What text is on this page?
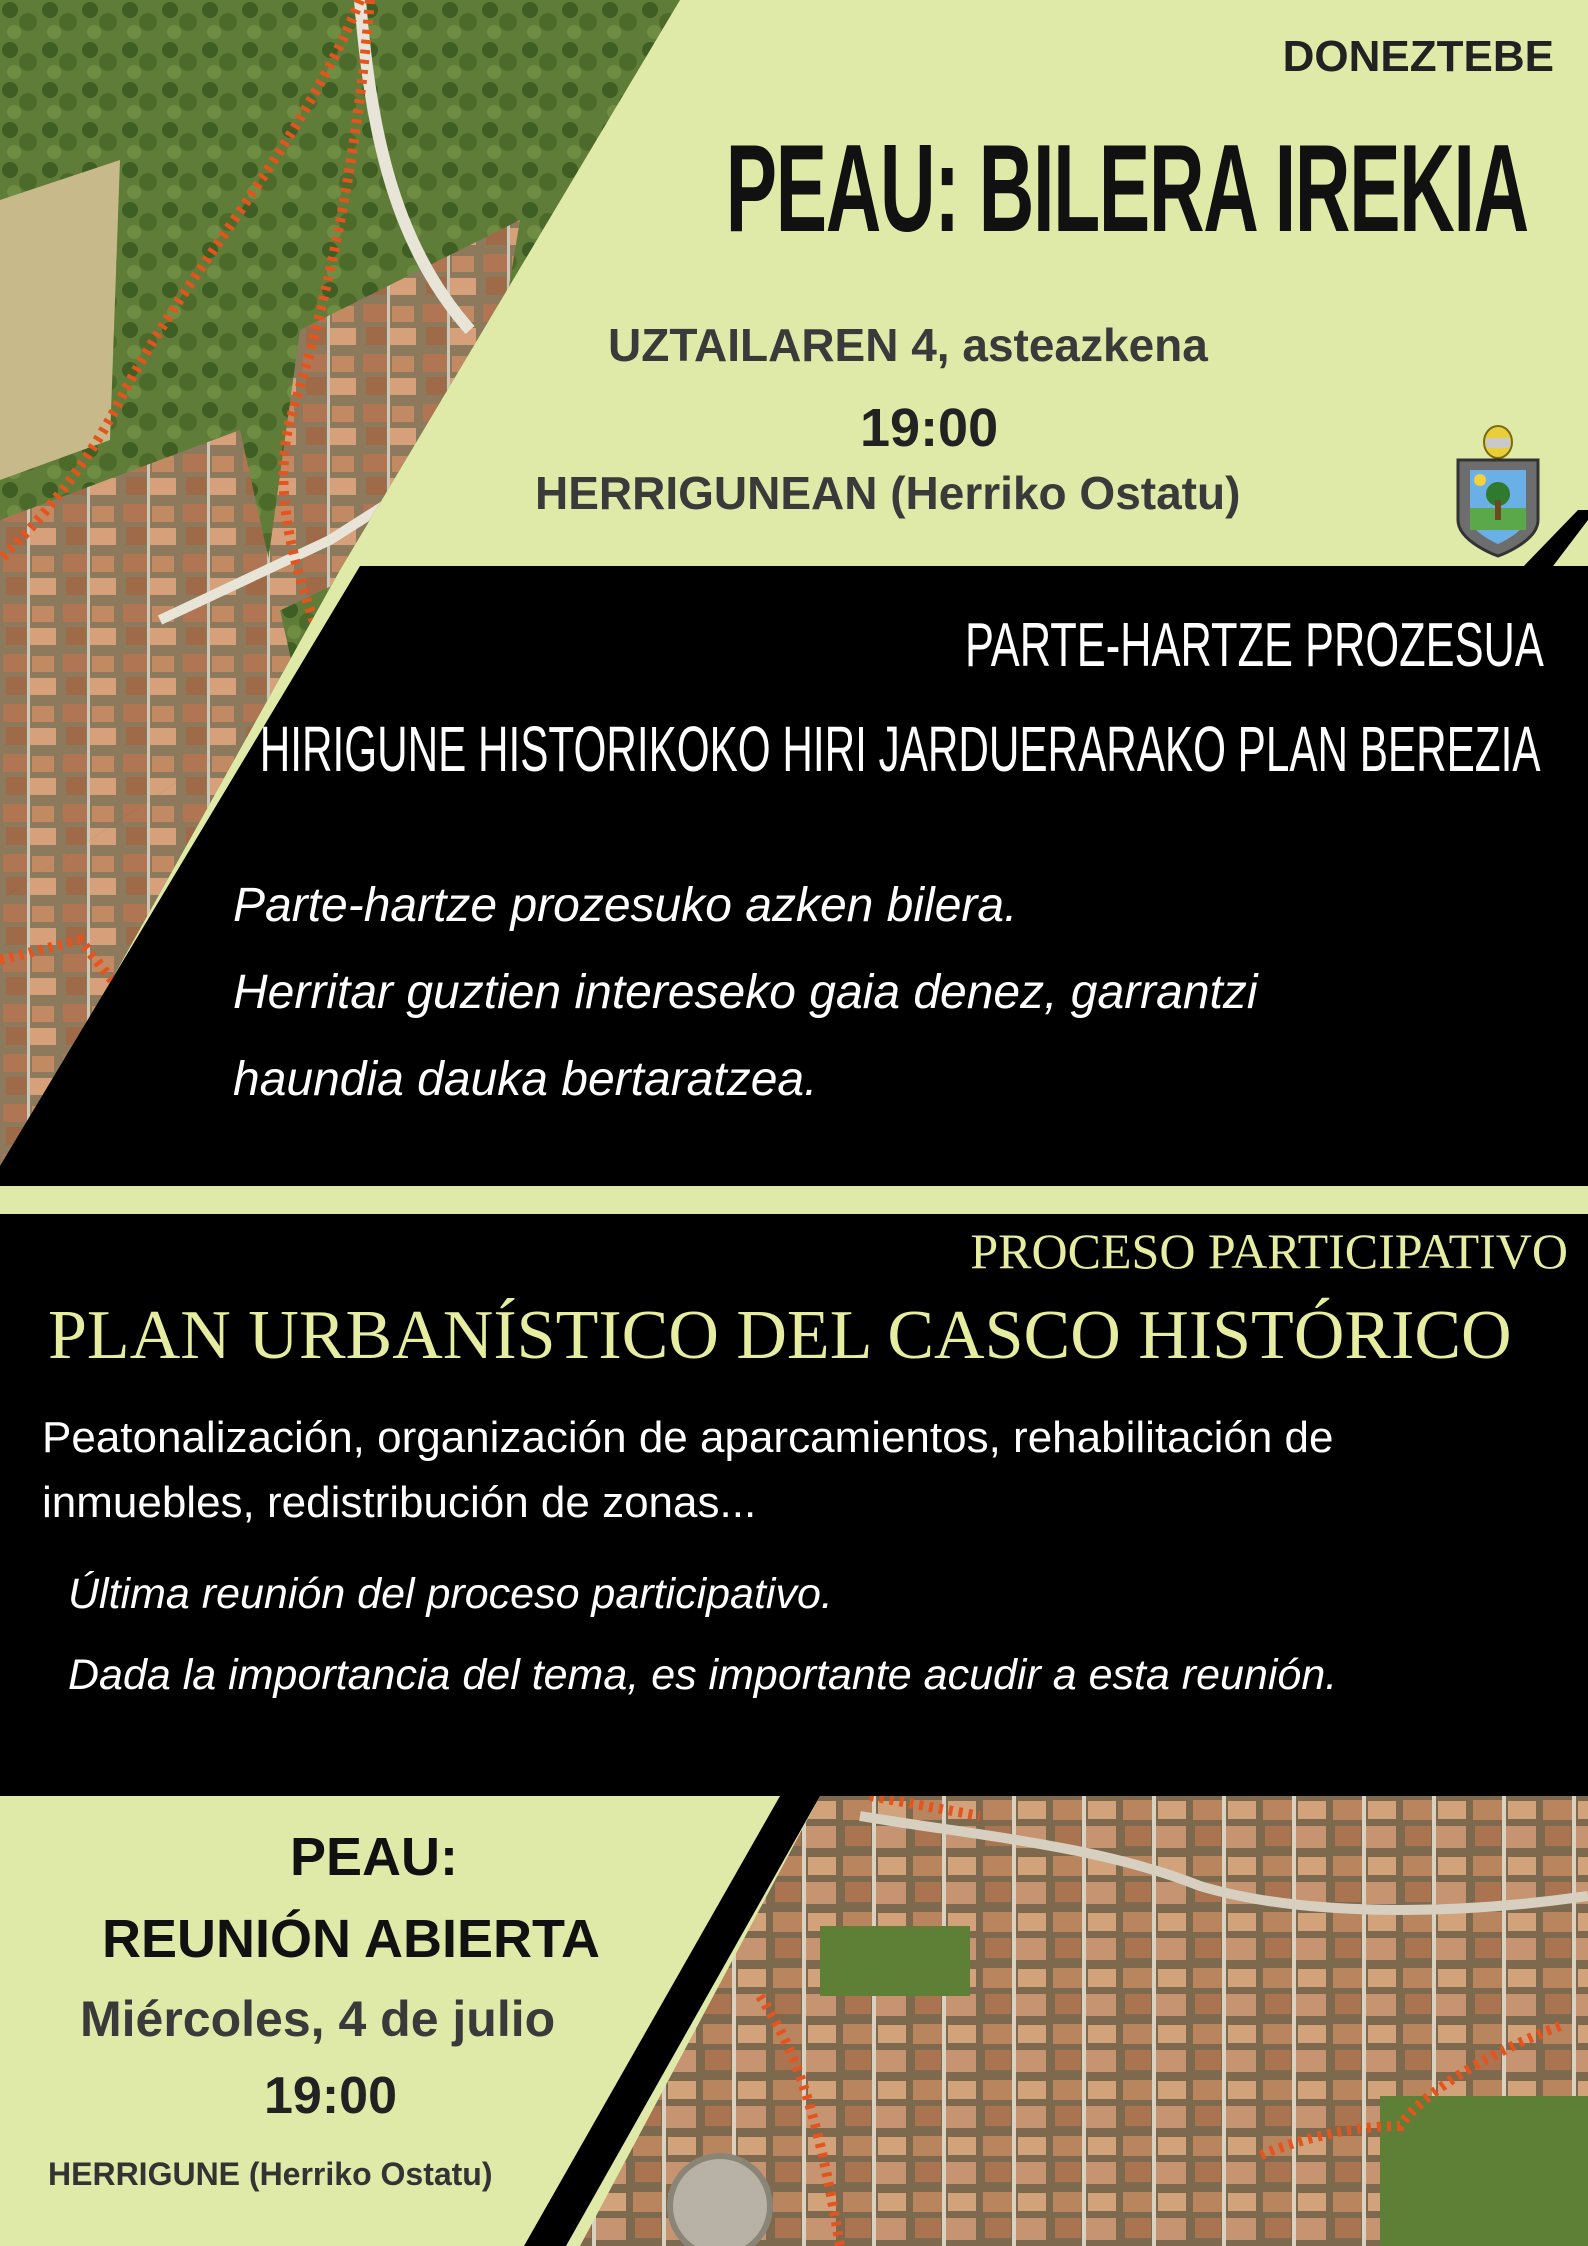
DONEZTEBE
PEAU: BILERA IREKIA
UZTAILAREN 4, asteazkena
19:00
HERRIGUNEAN (Herriko Ostatu)
PARTE-HARTZE PROZESUA
HIRIGUNE HISTORIKOKO HIRI JARDUERARAKO PLAN BEREZIA
Parte-hartze prozesuko azken bilera.
Herritar guztien intereseko gaia denez, garrantzi
haundia dauka bertaratzea.
PROCESO PARTICIPATIVO
PLAN URBANÍSTICO DEL CASCO HISTÓRICO
Peatonalización, organización de aparcamientos, rehabilitación de
inmuebles, redistribución de zonas...
Última reunión del proceso participativo.
Dada la importancia del tema, es importante acudir a esta reunión.
PEAU:
REUNIÓN ABIERTA
Miércoles, 4 de julio
19:00
HERRIGUNE (Herriko Ostatu)
